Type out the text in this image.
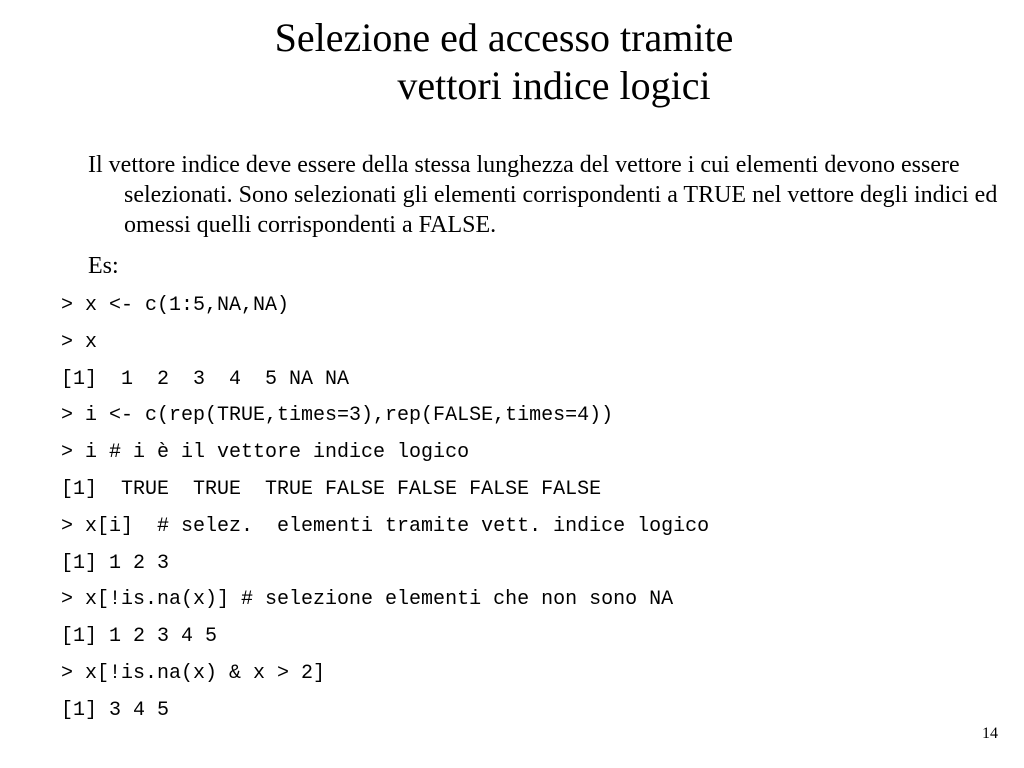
Selezione ed accesso tramite
vettori indice logici

Il vettore indice deve essere della stessa lunghezza del vettore i cui elementi devono essere selezionati. Sono selezionati gli elementi corrispondenti a TRUE nel vettore degli indici ed omessi quelli corrispondenti a FALSE.

Es:

> x <- c(1:5,NA,NA)
> x
[1]  1  2  3  4  5 NA NA
> i <- c(rep(TRUE,times=3),rep(FALSE,times=4))
> i # i è il vettore indice logico
[1]  TRUE  TRUE  TRUE FALSE FALSE FALSE FALSE
> x[i]  # selez.  elementi tramite vett. indice logico
[1] 1 2 3
> x[!is.na(x)] # selezione elementi che non sono NA
[1] 1 2 3 4 5
> x[!is.na(x) & x > 2]
[1] 3 4 5
14
